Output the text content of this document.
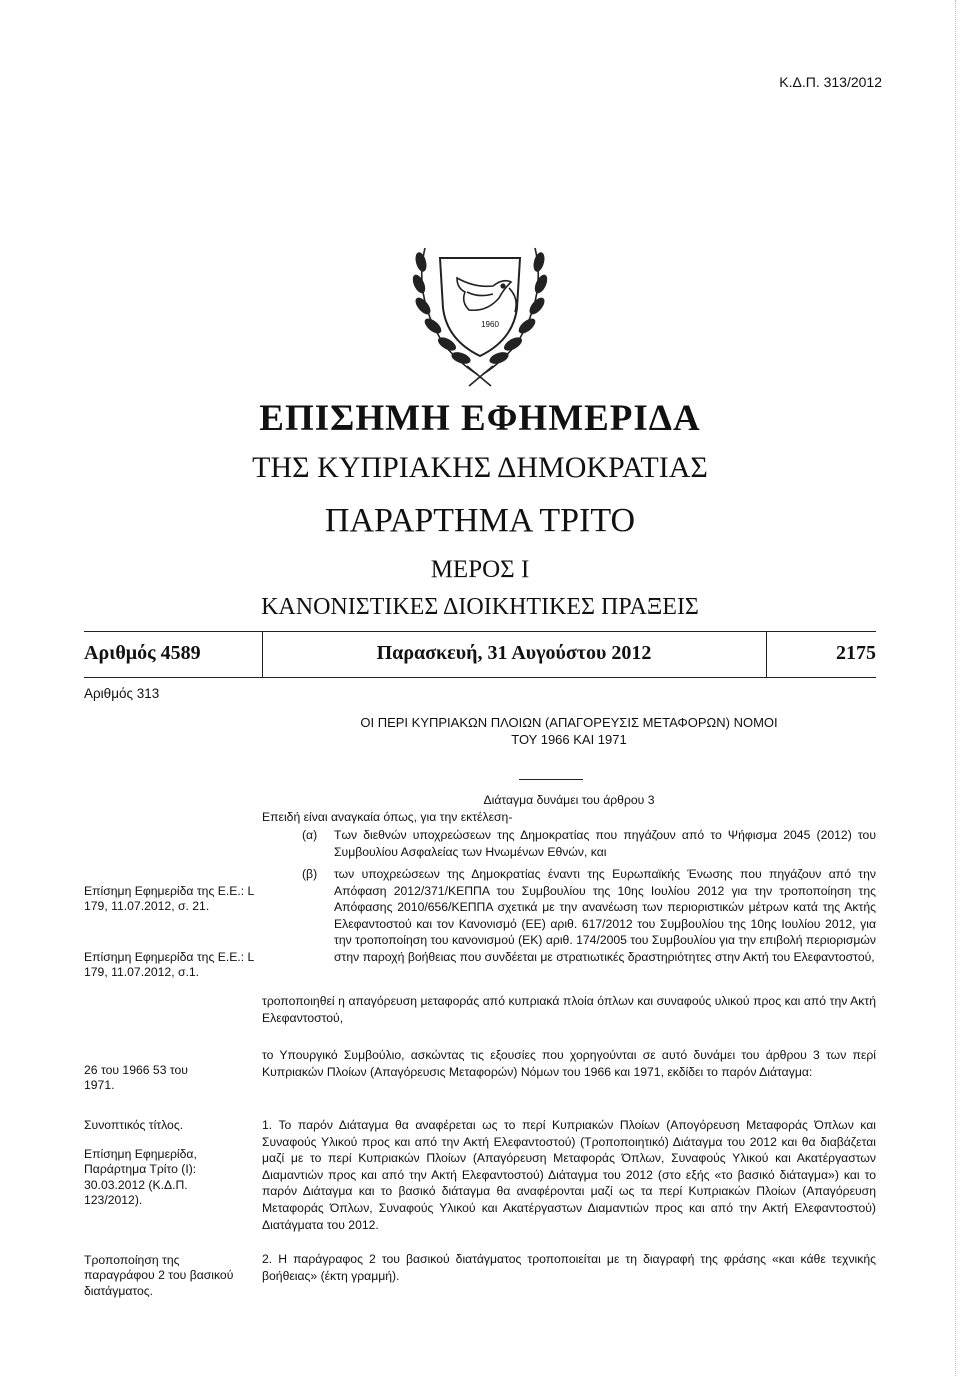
Κ.Δ.Π. 313/2012
1960
ΕΠΙΣΗΜΗ ΕΦΗΜΕΡΙΔΑ
ΤΗΣ ΚΥΠΡΙΑΚΗΣ ΔΗΜΟΚΡΑΤΙΑΣ
ΠΑΡΑΡΤΗΜΑ ΤΡΙΤΟ
ΜΕΡΟΣ Ι
ΚΑΝΟΝΙΣΤΙΚΕΣ ΔΙΟΙΚΗΤΙΚΕΣ ΠΡΑΞΕΙΣ
Αριθμός 4589	Παρασκευή, 31 Αυγούστου 2012	2175
Αριθμός 313
ΟΙ ΠΕΡΙ ΚΥΠΡΙΑΚΩΝ ΠΛΟΙΩΝ (ΑΠΑΓΟΡΕΥΣΙΣ ΜΕΤΑΦΟΡΩΝ) ΝΟΜΟΙ
ΤΟΥ 1966 ΚΑΙ 1971
Διάταγμα δυνάμει του άρθρου 3
Επειδή είναι αναγκαία όπως, για την εκτέλεση-
(α)	Των διεθνών υποχρεώσεων της Δημοκρατίας που πηγάζουν από το Ψήφισμα 2045 (2012) του Συμβουλίου Ασφαλείας των Ηνωμένων Εθνών, και
(β)	των υποχρεώσεων της Δημοκρατίας έναντι της Ευρωπαϊκής Ένωσης που πηγάζουν από την Απόφαση 2012/371/ΚΕΠΠΑ του Συμβουλίου της 10ης Ιουλίου 2012 για την τροποποίηση της Απόφασης 2010/656/ΚΕΠΠΑ σχετικά με την ανανέωση των περιοριστικών μέτρων κατά της Ακτής Ελεφαντοστού και τον Κανονισμό (ΕΕ) αριθ. 617/2012 του Συμβουλίου της 10ης Ιουλίου 2012, για την τροποποίηση του κανονισμού (ΕΚ) αριθ. 174/2005 του Συμβουλίου για την επιβολή περιορισμών στην παροχή βοήθειας που συνδέεται με στρατιωτικές δραστηριότητες στην Ακτή του Ελεφαντοστού,
τροποποιηθεί η απαγόρευση μεταφοράς από κυπριακά πλοία όπλων και συναφούς υλικού προς και από την Ακτή Ελεφαντοστού,
το Υπουργικό Συμβούλιο, ασκώντας τις εξουσίες που χορηγούνται σε αυτό δυνάμει του άρθρου 3 των περί Κυπριακών Πλοίων (Απαγόρευσις Μεταφορών) Νόμων του 1966 και 1971, εκδίδει το παρόν Διάταγμα:
1. Το παρόν Διάταγμα θα αναφέρεται ως το περί Κυπριακών Πλοίων (Απογόρευση Μεταφοράς Όπλων και Συναφούς Υλικού προς και από την Ακτή Ελεφαντοστού) (Τροποποιητικό) Διάταγμα του 2012 και θα διαβάζεται μαζί με το περί Κυπριακών Πλοίων (Απαγόρευση Μεταφοράς Όπλων, Συναφούς Υλικού και Ακατέργαστων Διαμαντιών προς και από την Ακτή Ελεφαντοστού) Διάταγμα του 2012 (στο εξής «το βασικό διάταγμα») και το παρόν Διάταγμα και το βασικό διάταγμα θα αναφέρονται μαζί ως τα περί Κυπριακών Πλοίων (Απαγόρευση Μεταφοράς Όπλων, Συναφούς Υλικού και Ακατέργαστων Διαμαντιών προς και από την Ακτή Ελεφαντοστού) Διατάγματα του 2012.
2. Η παράγραφος 2 του βασικού διατάγματος τροποποιείται με τη διαγραφή της φράσης «και κάθε τεχνικής βοήθειας» (έκτη γραμμή).
Επίσημη Εφημερίδα της Ε.Ε.: L 179, 11.07.2012, σ. 21.
Επίσημη Εφημερίδα της Ε.Ε.: L 179, 11.07.2012, σ.1.
26 του 1966 53 του 1971.
Συνοπτικός τίτλος.
Επίσημη Εφημερίδα, Παράρτημα Τρίτο (Ι): 30.03.2012 (Κ.Δ.Π. 123/2012).
Τροποποίηση της παραγράφου 2 του βασικού διατάγματος.
